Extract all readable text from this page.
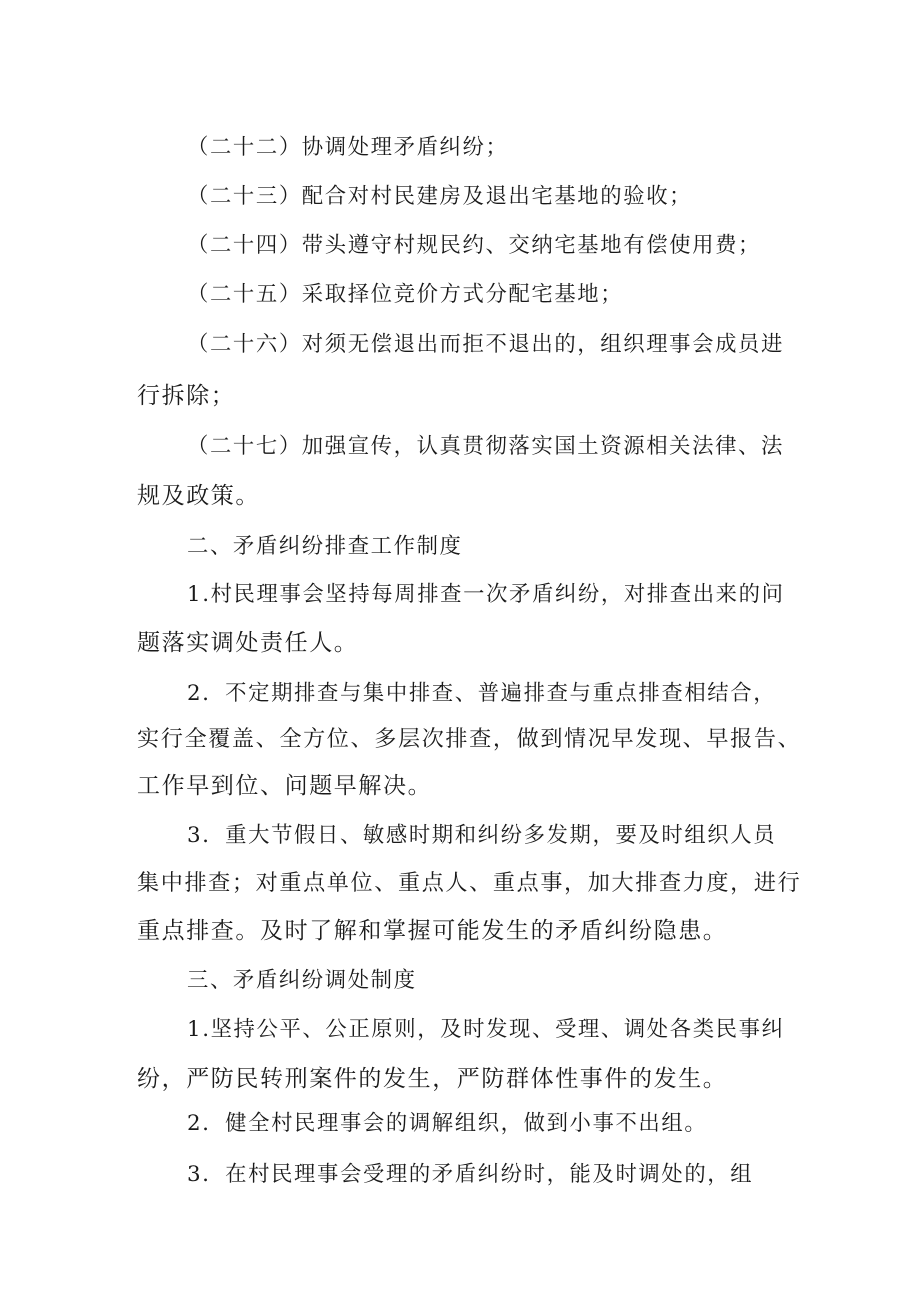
（二十二）协调处理矛盾纠纷；
（二十三）配合对村民建房及退出宅基地的验收；
（二十四）带头遵守村规民约、交纳宅基地有偿使用费；
（二十五）采取择位竞价方式分配宅基地；
（二十六）对须无偿退出而拒不退出的，组织理事会成员进
行拆除；
（二十七）加强宣传，认真贯彻落实国土资源相关法律、法
规及政策。
二、矛盾纠纷排查工作制度
1.村民理事会坚持每周排查一次矛盾纠纷，对排查出来的问
题落实调处责任人。
2．不定期排查与集中排查、普遍排查与重点排查相结合，
实行全覆盖、全方位、多层次排查，做到情况早发现、早报告、
工作早到位、问题早解决。
3．重大节假日、敏感时期和纠纷多发期，要及时组织人员
集中排查；对重点单位、重点人、重点事，加大排查力度，进行
重点排查。及时了解和掌握可能发生的矛盾纠纷隐患。
三、矛盾纠纷调处制度
1.坚持公平、公正原则，及时发现、受理、调处各类民事纠
纷，严防民转刑案件的发生，严防群体性事件的发生。
2．健全村民理事会的调解组织，做到小事不出组。
3．在村民理事会受理的矛盾纠纷时，能及时调处的，组
